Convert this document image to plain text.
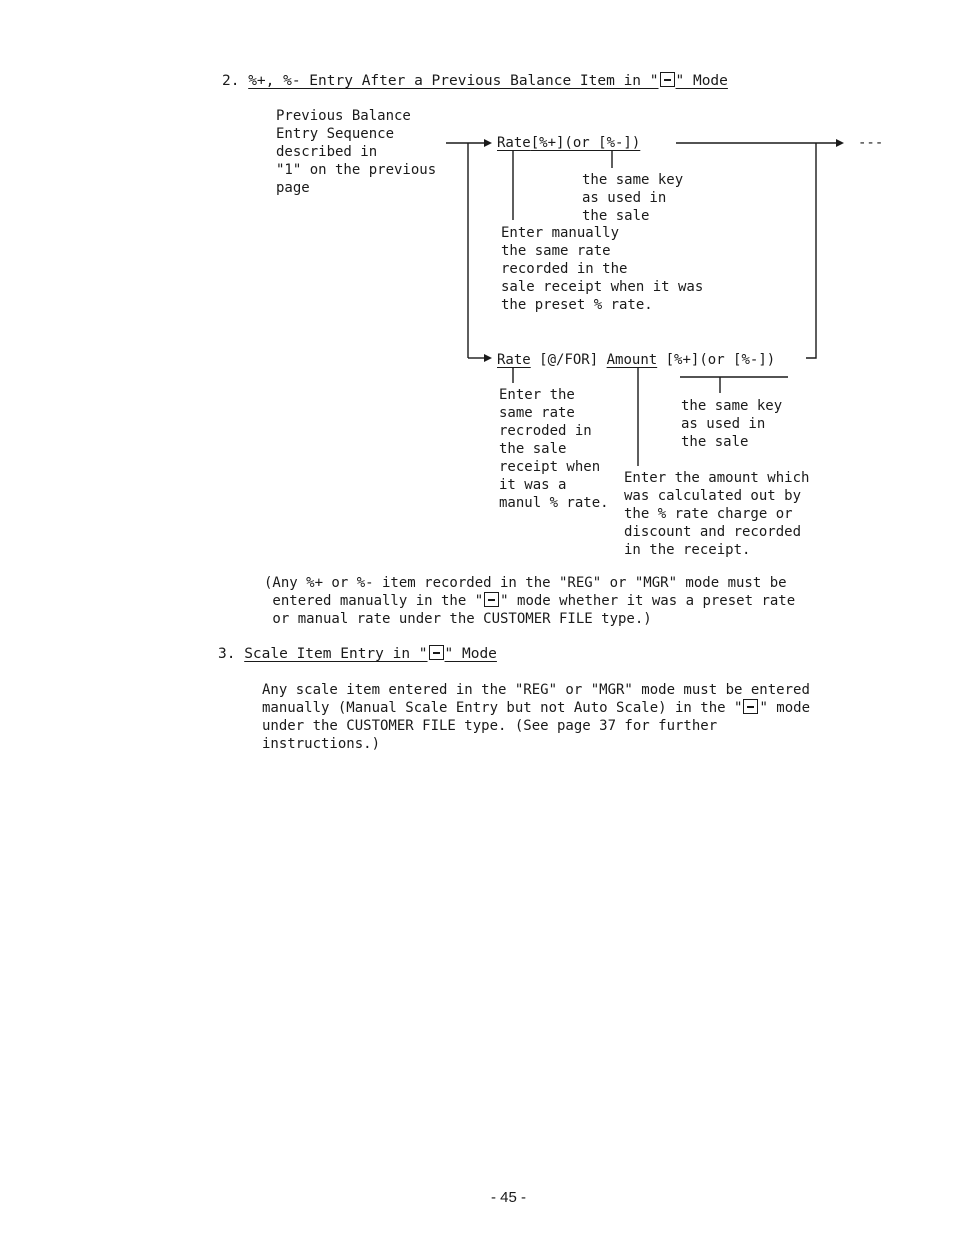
2. %+, %- Entry After a Previous Balance Item in " " Mode
Previous Balance
Entry Sequence
described in
"1" on the previous
page
Rate[%+](or [%-])	---
the same key
as used in
the sale
Enter manually
the same rate
recorded in the
sale receipt when it was
the preset % rate.
Rate [@/FOR] Amount [%+](or [%-])
Enter the
same rate
recroded in
the sale
receipt when
it was a
manul % rate.
the same key
as used in
the sale
Enter the amount which
was calculated out by
the % rate charge or
discount and recorded
in the receipt.
(Any %+ or %- item recorded in the "REG" or "MGR" mode must be
entered manually in the " " mode whether it was a preset rate
or manual rate under the CUSTOMER FILE type.)
3. Scale Item Entry in " " Mode
Any scale item entered in the "REG" or "MGR" mode must be entered
manually (Manual Scale Entry but not Auto Scale) in the " " mode
under the CUSTOMER FILE type. (See page 37 for further
instructions.)
- 45 -
